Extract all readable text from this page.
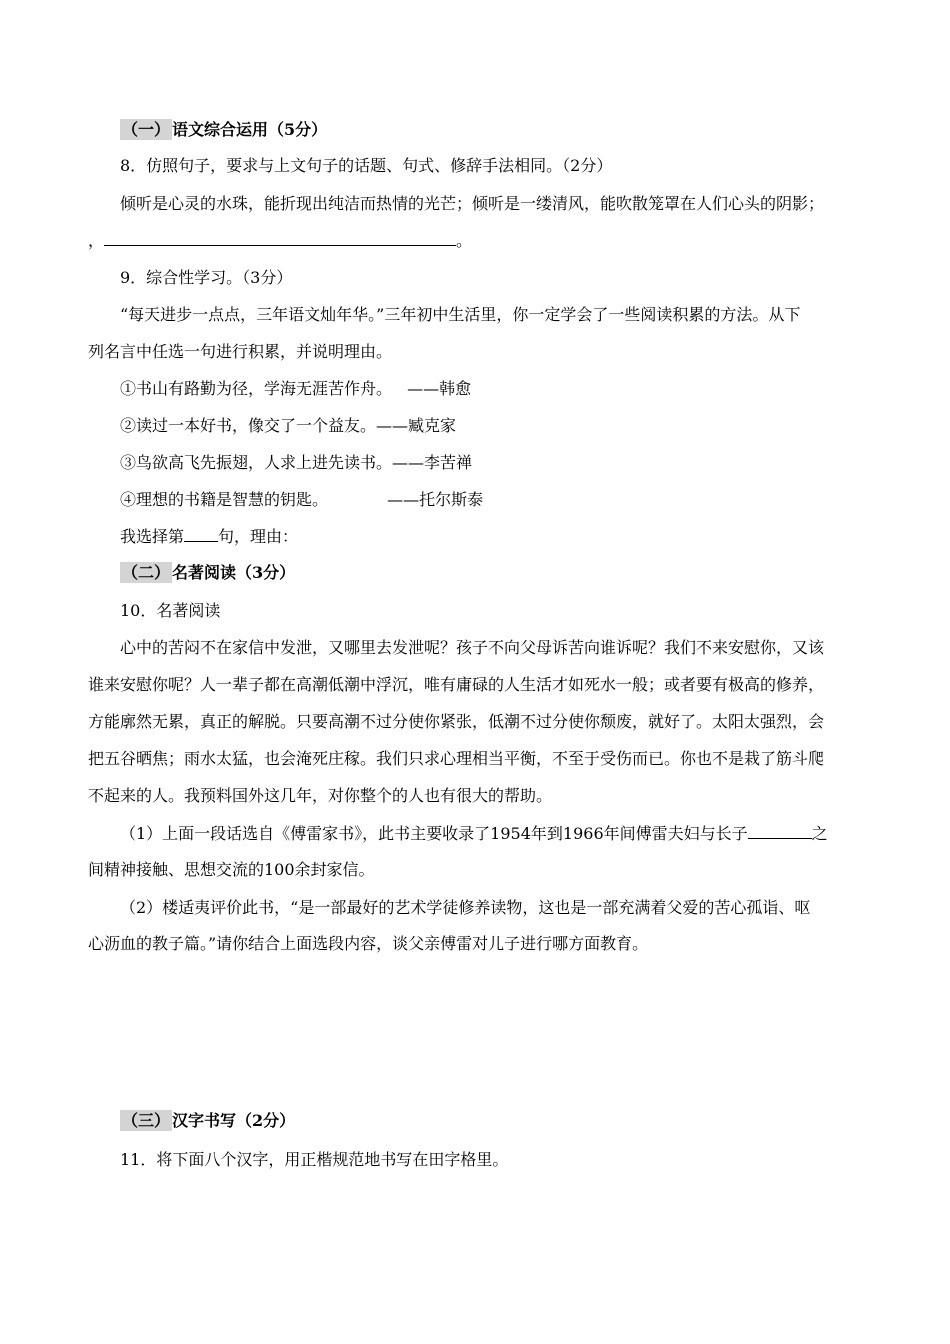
（一） 语文综合运用（5分）
8．仿照句子，要求与上文句子的话题、句式、修辞手法相同。（2分）
倾听是心灵的水珠，能折现出纯洁而热情的光芒；倾听是一缕清风，能吹散笼罩在人们心头的阴影；
，	。
9．综合性学习。（3分）
“每天进步一点点，三年语文灿年华。”三年初中生活里，你一定学会了一些阅读积累的方法。从下
列名言中任选一句进行积累，并说明理由。
①书山有路勤为径，学海无涯苦作舟。 ——韩愈
②读过一本好书，像交了一个益友。——臧克家
③鸟欲高飞先振翅，人求上进先读书。——李苦禅
④理想的书籍是智慧的钥匙。	——托尔斯泰
我选择第 句，理由：
（二） 名著阅读（3分）
10．名著阅读
心中的苦闷不在家信中发泄，又哪里去发泄呢？孩子不向父母诉苦向谁诉呢？我们不来安慰你，又该
谁来安慰你呢？人一辈子都在高潮低潮中浮沉，唯有庸碌的人生活才如死水一般；或者要有极高的修养，
方能廓然无累，真正的解脱。只要高潮不过分使你紧张，低潮不过分使你颓废，就好了。太阳太强烈，会
把五谷晒焦；雨水太猛，也会淹死庄稼。我们只求心理相当平衡，不至于受伤而已。你也不是栽了筋斗爬
不起来的人。我预料国外这几年，对你整个的人也有很大的帮助。
（1）上面一段话选自《傅雷家书》，此书主要收录了1954年到1966年间傅雷夫妇与长子	之
间精神接触、思想交流的100余封家信。
（2）楼适夷评价此书，“是一部最好的艺术学徒修养读物，这也是一部充满着父爱的苦心孤诣、呕
心沥血的教子篇。”请你结合上面选段内容，谈父亲傅雷对儿子进行哪方面教育。
（三） 汉字书写（2分）
11．将下面八个汉字，用正楷规范地书写在田字格里。
